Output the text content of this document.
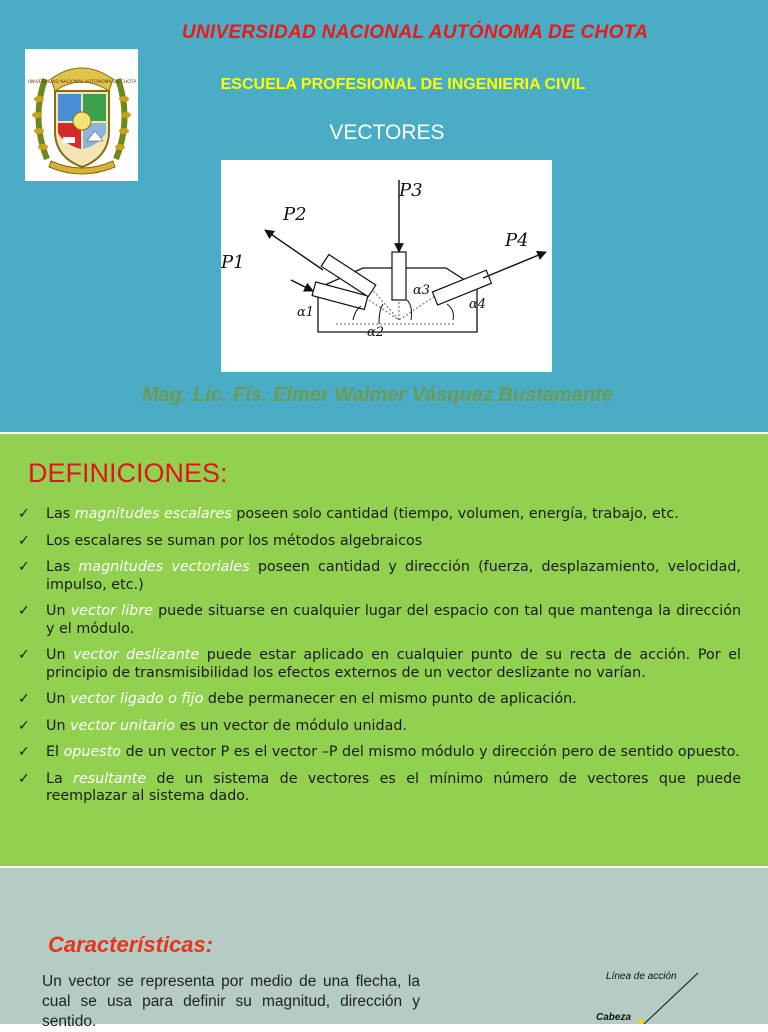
UNIVERSIDAD NACIONAL AUTÓNOMA DE CHOTA
ESCUELA PROFESIONAL DE INGENIERIA CIVIL
VECTORES
UNIVERSIDAD NACIONAL AUTÓNOMA DE CHOTA
P3
P2
P1
P4
α1
α2
α3
α4
Mag. Lic. Fís. Elmer Walmer Vásquez Bustamante
DEFINICIONES:
✓ Las magnitudes escalares poseen solo cantidad (tiempo, volumen, energía, trabajo, etc.
✓ Los escalares se suman por los métodos algebraicos
✓ Las magnitudes vectoriales poseen cantidad y dirección (fuerza, desplazamiento, velocidad, impulso, etc.)
✓ Un vector libre puede situarse en cualquier lugar del espacio con tal que mantenga la dirección y el módulo.
✓ Un vector deslizante puede estar aplicado en cualquier punto de su recta de acción. Por el principio de transmisibilidad los efectos externos de un vector deslizante no varían.
✓ Un vector ligado o fijo debe permanecer en el mismo punto de aplicación.
✓ Un vector unitario es un vector de módulo unidad.
✓ El opuesto de un vector P es el vector –P del mismo módulo y dirección pero de sentido opuesto.
✓ La resultante de un sistema de vectores es el mínimo número de vectores que puede reemplazar al sistema dado.
Características:
Un vector se representa por medio de una flecha, la cual se usa para definir su magnitud, dirección y sentido.
Línea de acción
Cabeza
